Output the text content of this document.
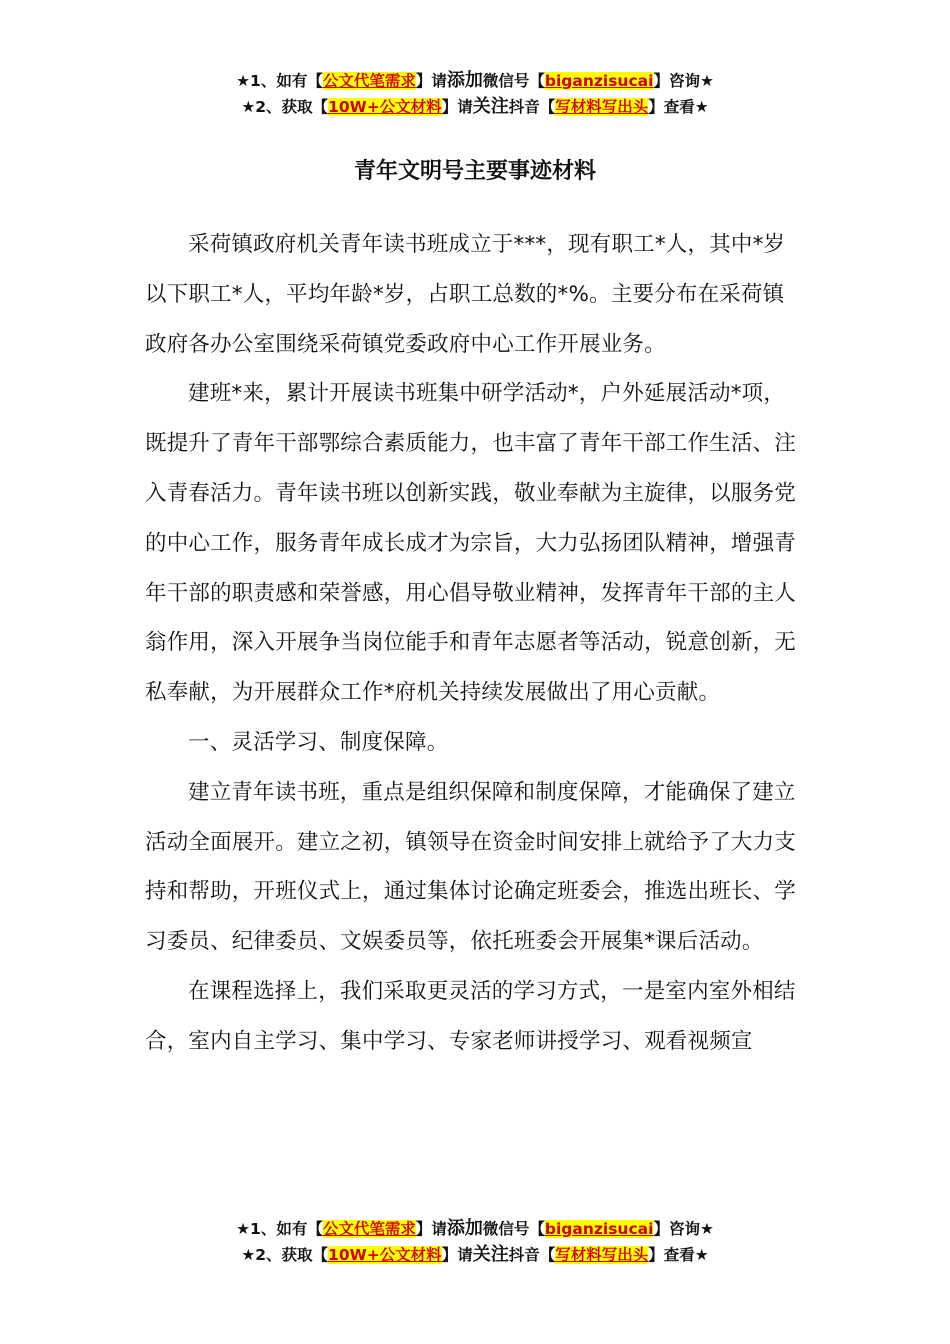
★1、如有【公文代笔需求】请添加微信号【biganzisucai】咨询★
★2、获取【10W+公文材料】请关注抖音【写材料写出头】查看★
青年文明号主要事迹材料

采荷镇政府机关青年读书班成立于***，现有职工*人，其中*岁以下职工*人，平均年龄*岁，占职工总数的*%。主要分布在采荷镇政府各办公室围绕采荷镇党委政府中心工作开展业务。

建班*来，累计开展读书班集中研学活动*，户外延展活动*项，既提升了青年干部鄂综合素质能力，也丰富了青年干部工作生活、注入青春活力。青年读书班以创新实践，敬业奉献为主旋律，以服务党的中心工作，服务青年成长成才为宗旨，大力弘扬团队精神，增强青年干部的职责感和荣誉感，用心倡导敬业精神，发挥青年干部的主人翁作用，深入开展争当岗位能手和青年志愿者等活动，锐意创新，无私奉献，为开展群众工作*府机关持续发展做出了用心贡献。

一、灵活学习、制度保障。

建立青年读书班，重点是组织保障和制度保障，才能确保了建立活动全面展开。建立之初，镇领导在资金时间安排上就给予了大力支持和帮助，开班仪式上，通过集体讨论确定班委会，推选出班长、学习委员、纪律委员、文娱委员等，依托班委会开展集*课后活动。

在课程选择上，我们采取更灵活的学习方式，一是室内室外相结合，室内自主学习、集中学习、专家老师讲授学习、观看视频宣

★1、如有【公文代笔需求】请添加微信号【biganzisucai】咨询★
★2、获取【10W+公文材料】请关注抖音【写材料写出头】查看★
